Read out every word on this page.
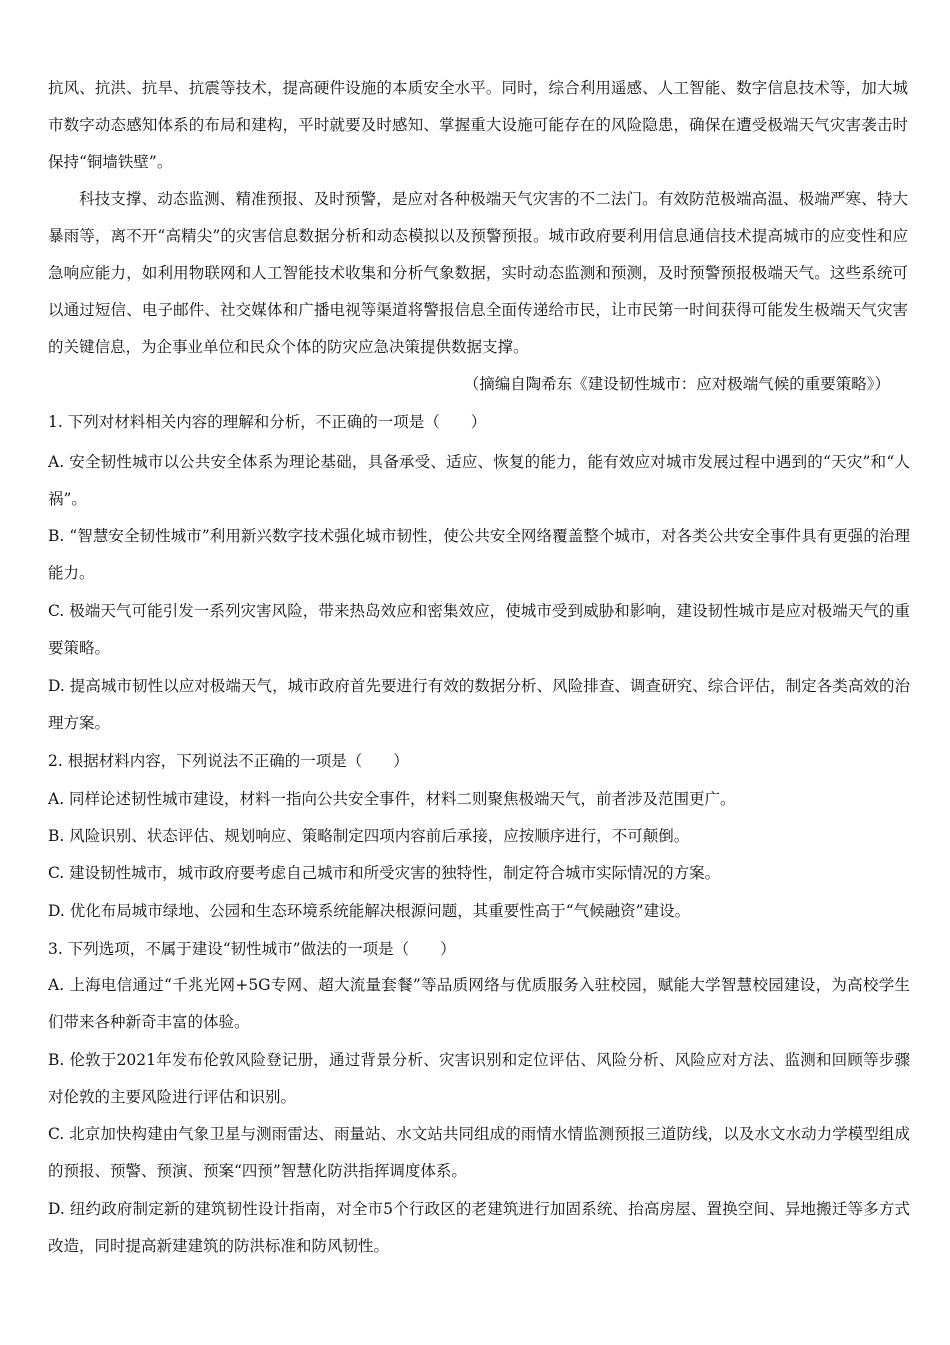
抗风、抗洪、抗旱、抗震等技术，提高硬件设施的本质安全水平。同时，综合利用遥感、人工智能、数字信息技术等，加大城市数字动态感知体系的布局和建构，平时就要及时感知、掌握重大设施可能存在的风险隐患，确保在遭受极端天气灾害袭击时保持“铜墙铁壁”。

科技支撑、动态监测、精准预报、及时预警，是应对各种极端天气灾害的不二法门。有效防范极端高温、极端严寒、特大暴雨等，离不开“高精尖”的灾害信息数据分析和动态模拟以及预警预报。城市政府要利用信息通信技术提高城市的应变性和应急响应能力，如利用物联网和人工智能技术收集和分析气象数据，实时动态监测和预测，及时预警预报极端天气。这些系统可以通过短信、电子邮件、社交媒体和广播电视等渠道将警报信息全面传递给市民，让市民第一时间获得可能发生极端天气灾害的关键信息，为企事业单位和民众个体的防灾应急决策提供数据支撑。

（摘编自陶希东《建设韧性城市：应对极端气候的重要策略》）

1. 下列对材料相关内容的理解和分析，不正确的一项是（　　）

A. 安全韧性城市以公共安全体系为理论基础，具备承受、适应、恢复的能力，能有效应对城市发展过程中遇到的“天灾”和“人祸”。

B. “智慧安全韧性城市”利用新兴数字技术强化城市韧性，使公共安全网络覆盖整个城市，对各类公共安全事件具有更强的治理能力。

C. 极端天气可能引发一系列灾害风险，带来热岛效应和密集效应，使城市受到威胁和影响，建设韧性城市是应对极端天气的重要策略。

D. 提高城市韧性以应对极端天气，城市政府首先要进行有效的数据分析、风险排查、调查研究、综合评估，制定各类高效的治理方案。

2. 根据材料内容，下列说法不正确的一项是（　　）

A. 同样论述韧性城市建设，材料一指向公共安全事件，材料二则聚焦极端天气，前者涉及范围更广。

B. 风险识别、状态评估、规划响应、策略制定四项内容前后承接，应按顺序进行，不可颠倒。

C. 建设韧性城市，城市政府要考虑自己城市和所受灾害的独特性，制定符合城市实际情况的方案。

D. 优化布局城市绿地、公园和生态环境系统能解决根源问题，其重要性高于“气候融资”建设。

3. 下列选项，不属于建设“韧性城市”做法的一项是（　　）

A. 上海电信通过“千兆光网+5G专网、超大流量套餐”等品质网络与优质服务入驻校园，赋能大学智慧校园建设，为高校学生们带来各种新奇丰富的体验。

B. 伦敦于2021年发布伦敦风险登记册，通过背景分析、灾害识别和定位评估、风险分析、风险应对方法、监测和回顾等步骤对伦敦的主要风险进行评估和识别。

C. 北京加快构建由气象卫星与测雨雷达、雨量站、水文站共同组成的雨情水情监测预报三道防线，以及水文水动力学模型组成的预报、预警、预演、预案“四预”智慧化防洪指挥调度体系。

D. 纽约政府制定新的建筑韧性设计指南，对全市5个行政区的老建筑进行加固系统、抬高房屋、置换空间、异地搬迁等多方式改造，同时提高新建建筑的防洪标准和防风韧性。
